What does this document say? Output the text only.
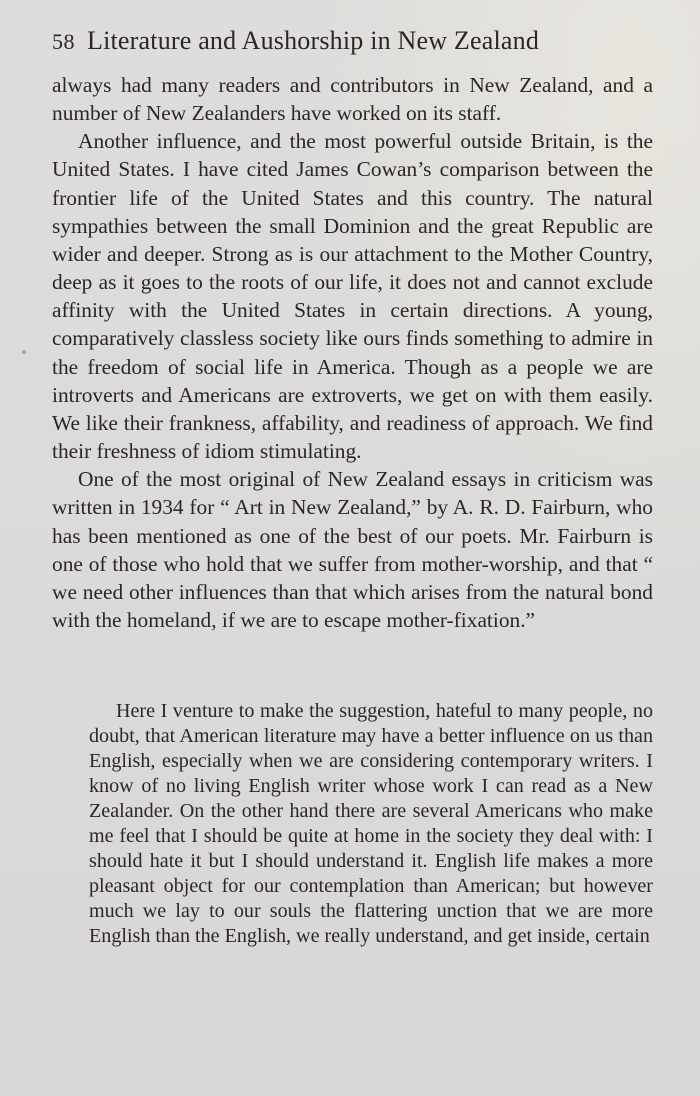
58 Literature and Aushorship in New Zealand

always had many readers and contributors in New Zealand, and a number of New Zealanders have worked on its staff.

Another influence, and the most powerful outside Britain, is the United States. I have cited James Cowan’s comparison between the frontier life of the United States and this country. The natural sympathies between the small Dominion and the great Republic are wider and deeper. Strong as is our attachment to the Mother Country, deep as it goes to the roots of our life, it does not and cannot exclude affinity with the United States in certain directions. A young, comparatively classless society like ours finds something to admire in the freedom of social life in America. Though as a people we are introverts and Americans are extroverts, we get on with them easily. We like their frankness, affability, and readiness of approach. We find their freshness of idiom stimulating.

One of the most original of New Zealand essays in criticism was written in 1934 for “ Art in New Zealand,” by A. R. D. Fairburn, who has been mentioned as one of the best of our poets. Mr. Fairburn is one of those who hold that we suffer from mother-worship, and that “ we need other influences than that which arises from the natural bond with the homeland, if we are to escape mother-fixation.”

Here I venture to make the suggestion, hateful to many people, no doubt, that American literature may have a better influence on us than English, especially when we are considering contemporary writers. I know of no living English writer whose work I can read as a New Zealander. On the other hand there are several Americans who make me feel that I should be quite at home in the society they deal with: I should hate it but I should understand it. English life makes a more pleasant object for our contemplation than American; but however much we lay to our souls the flattering unction that we are more English than the English, we really understand, and get inside, certain
